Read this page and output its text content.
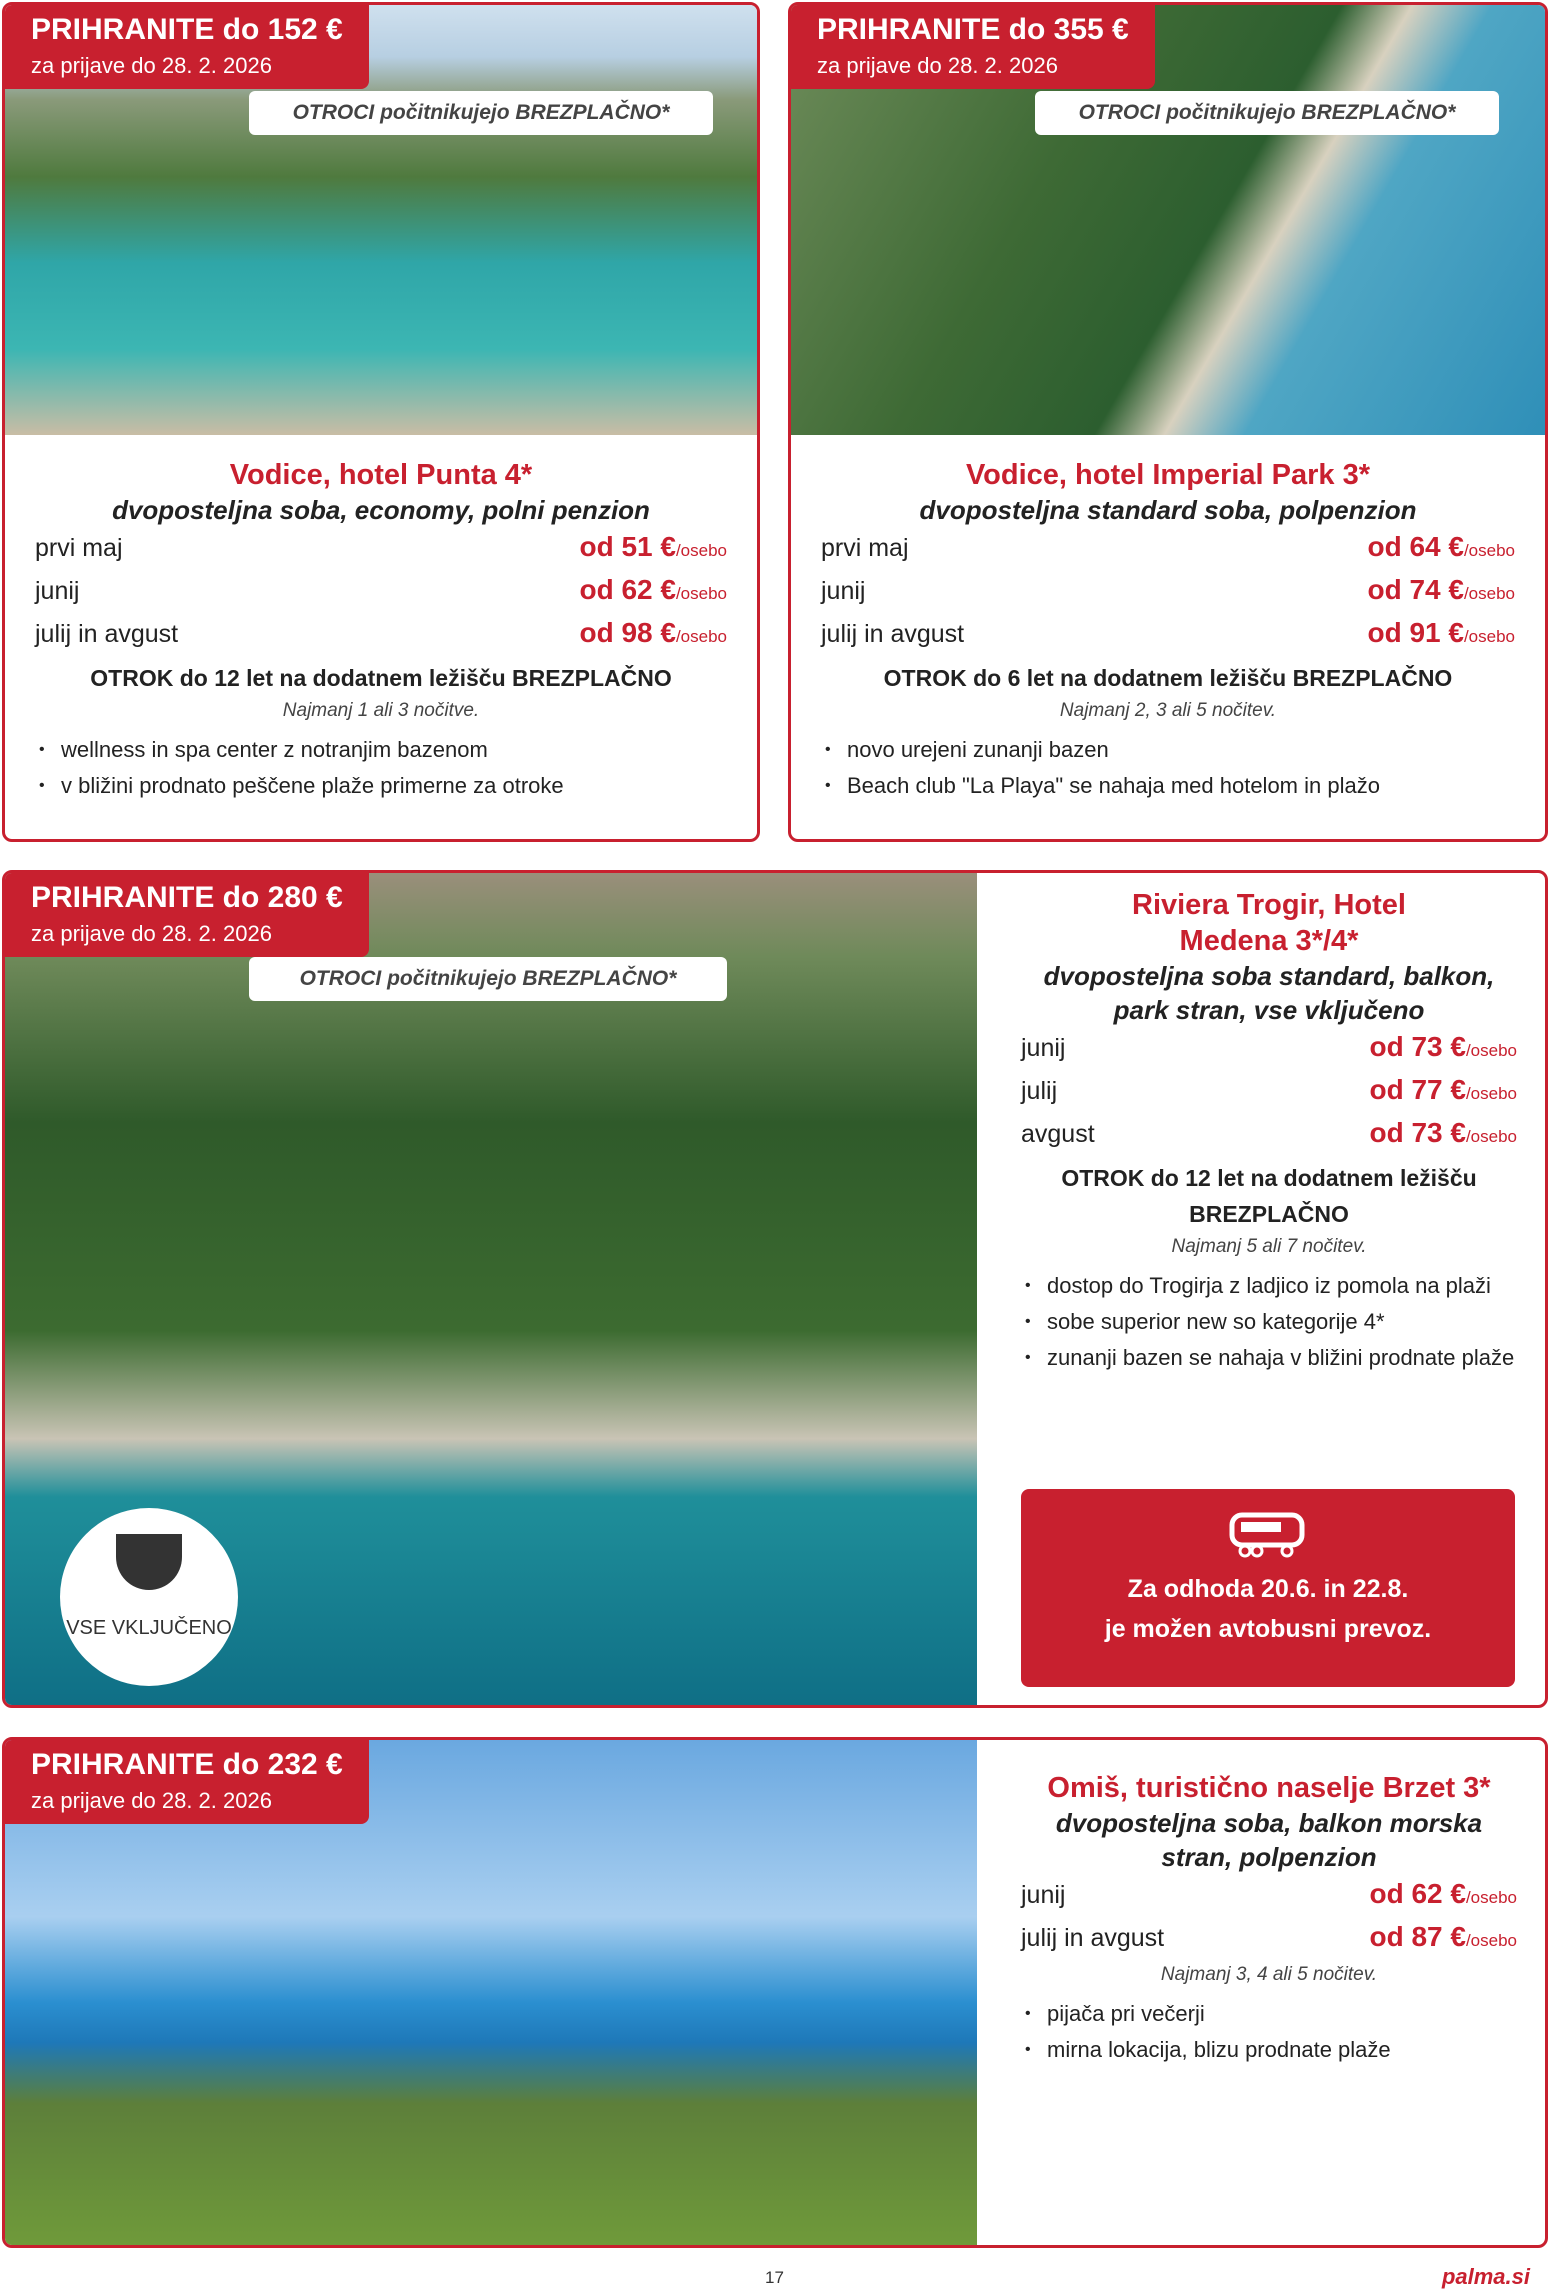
PRIHRANITE do 152 €
za prijave do 28. 2. 2026
OTROCI počitnikujejo BREZPLAČNO*
Vodice, hotel Punta 4*
dvoposteljna soba, economy, polni penzion
prvi maj	od 51 €/osebo
junij	od 62 €/osebo
julij in avgust	od 98 €/osebo
OTROK do 12 let na dodatnem ležišču BREZPLAČNO
Najmanj 1 ali 3 nočitve.
• wellness in spa center z notranjim bazenom
• v bližini prodnato peščene plaže primerne za otroke
PRIHRANITE do 355 €
za prijave do 28. 2. 2026
OTROCI počitnikujejo BREZPLAČNO*
Vodice, hotel Imperial Park 3*
dvoposteljna standard soba, polpenzion
prvi maj	od 64 €/osebo
junij	od 74 €/osebo
julij in avgust	od 91 €/osebo
OTROK do 6 let na dodatnem ležišču BREZPLAČNO
Najmanj 2, 3 ali 5 nočitev.
• novo urejeni zunanji bazen
• Beach club "La Playa" se nahaja med hotelom in plažo
PRIHRANITE do 280 €
za prijave do 28. 2. 2026
OTROCI počitnikujejo BREZPLAČNO*
Riviera Trogir, Hotel Medena 3*/4*
dvoposteljna soba standard, balkon, park stran, vse vključeno
junij	od 73 €/osebo
julij	od 77 €/osebo
avgust	od 73 €/osebo
OTROK do 12 let na dodatnem ležišču BREZPLAČNO
Najmanj 5 ali 7 nočitev.
• dostop do Trogirja z ladjico iz pomola na plaži
• sobe superior new so kategorije 4*
• zunanji bazen se nahaja v bližini prodnate plaže
Za odhoda 20.6. in 22.8.
je možen avtobusni prevoz.
VSE VKLJUČENO
PRIHRANITE do 232 €
za prijave do 28. 2. 2026	Omiš, turistično naselje Brzet 3*
dvoposteljna soba, balkon morska stran, polpenzion
junij	od 62 €/osebo
julij in avgust	od 87 €/osebo
Najmanj 3, 4 ali 5 nočitev.
• pijača pri večerji
• mirna lokacija, blizu prodnate plaže
17	palma.si
